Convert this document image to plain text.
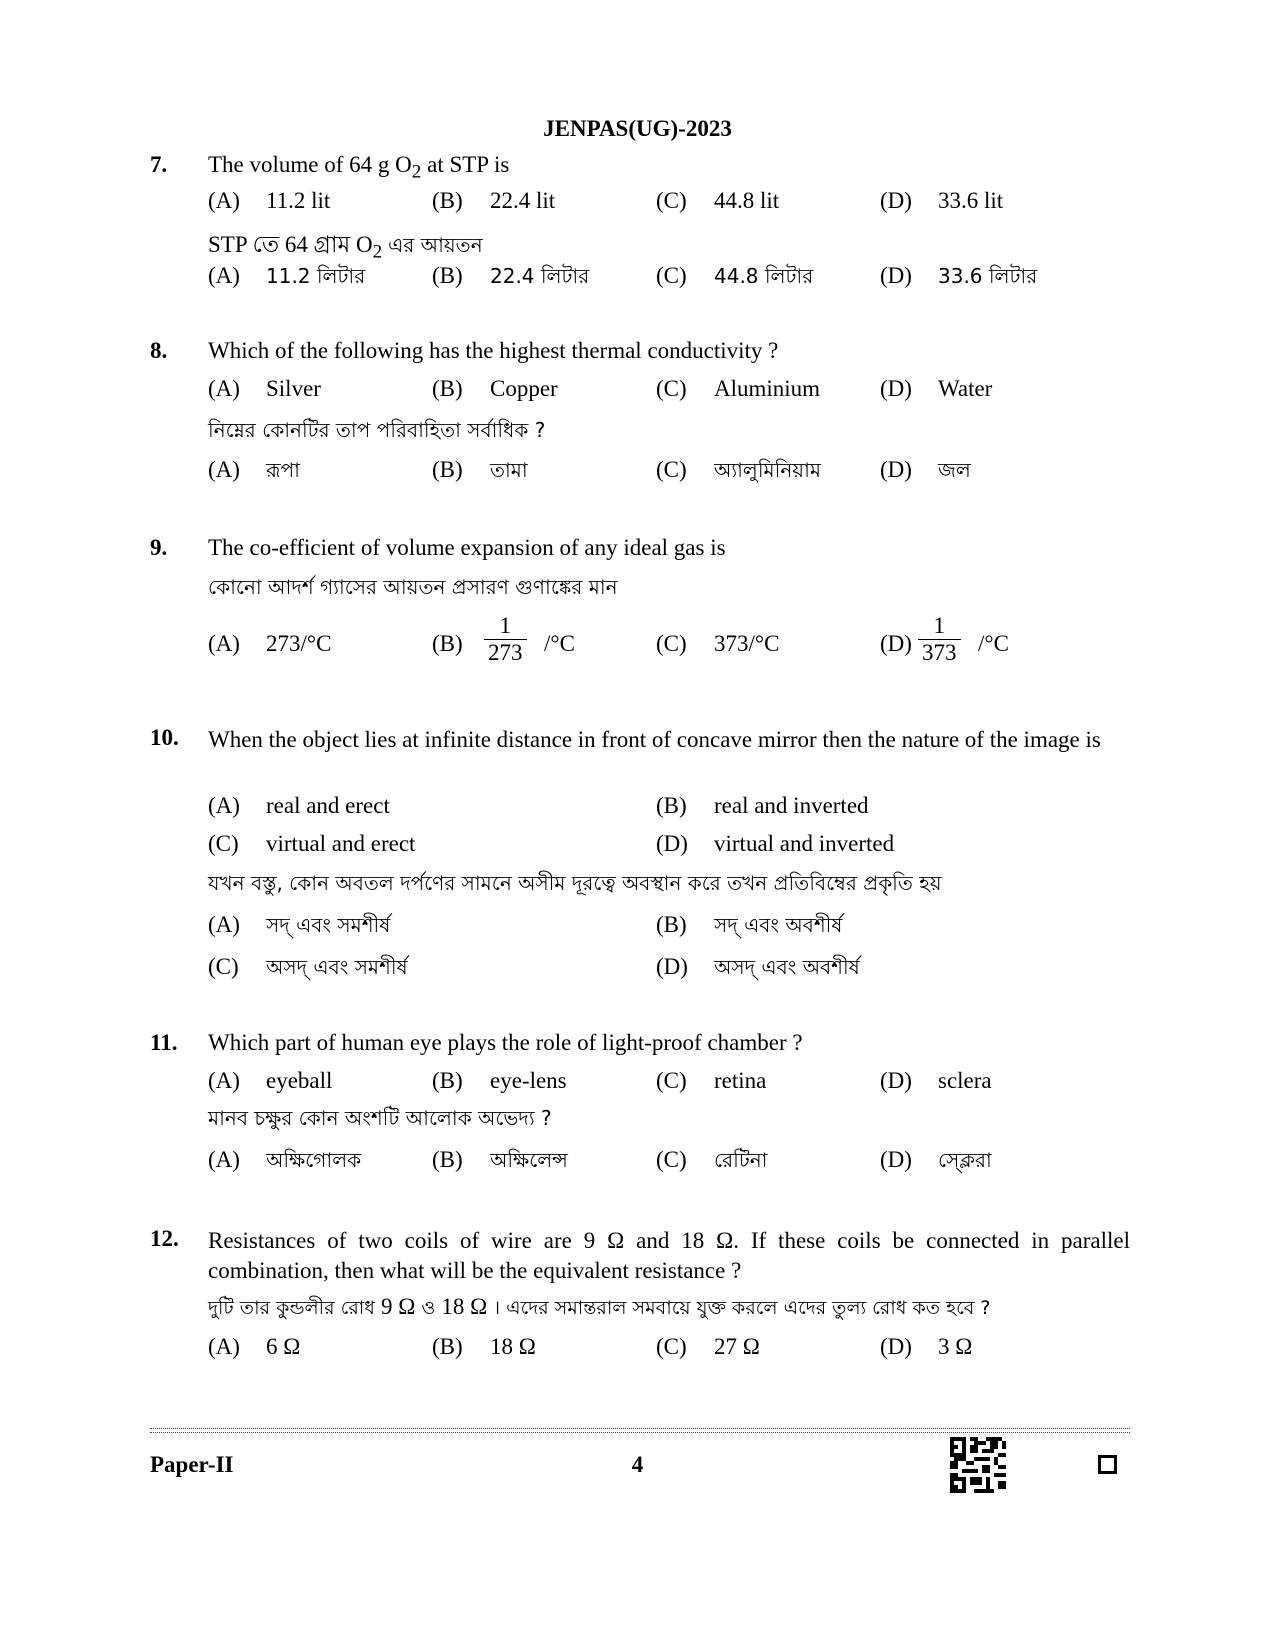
JENPAS(UG)-2023
7. The volume of 64 g $O_2$ at STP is
(A) 11.2 lit	(B) 22.4 lit	(C) 44.8 lit	(D) 33.6 lit
STP তে 64 গ্রাম $O_2$ এর আয়তন
(A) 11.2 লিটার	(B) 22.4 লিটার	(C) 44.8 লিটার	(D) 33.6 লিটার
8. Which of the following has the highest thermal conductivity ?
(A) Silver	(B) Copper	(C) Aluminium	(D) Water
নিম্নের কোনটির তাপ পরিবাহিতা সর্বাধিক ?
(A) রূপা	(B) তামা	(C) অ্যালুমিনিয়াম	(D) জল
9. The co-efficient of volume expansion of any ideal gas is
কোনো আদর্শ গ্যাসের আয়তন প্রসারণ গুণাঙ্কের মান
(A) 273/°C	$(B) \frac{1}{273} /^\circ C$	(C) 373/°C	$(D) \frac{1}{373} /^\circ C$
10. When the object lies at infinite distance in front of concave mirror then the nature of the image is
(A) real and erect	(B) real and inverted
(C) virtual and erect	(D) virtual and inverted
যখন বস্তু, কোন অবতল দর্পণের সামনে অসীম দূরত্বে অবস্থান করে তখন প্রতিবিম্বের প্রকৃতি হয়
(A) সদ্ এবং সমশীর্ষ	(B) সদ্ এবং অবশীর্ষ
(C) অসদ্ এবং সমশীর্ষ	(D) অসদ্ এবং অবশীর্ষ
11. Which part of human eye plays the role of light-proof chamber ?
(A) eyeball	(B) eye-lens	(C) retina	(D) sclera
মানব চক্ষুর কোন অংশটি আলোক অভেদ্য ?
(A) অক্ষিগোলক	(B) অক্ষিলেন্স	(C) রেটিনা	(D) স্ক্লেরা
12. Resistances of two coils of wire are 9 Ω and 18 Ω. If these coils be connected in parallel combination, then what will be the equivalent resistance ?
দুটি তার কুন্ডলীর রোধ 9 Ω ও 18 Ω । এদের সমান্তরাল সমবায়ে যুক্ত করলে এদের তুল্য রোধ কত হবে ?
(A) 6 Ω	(B) 18 Ω	(C) 27 Ω	(D) 3 Ω
Paper-II	4
